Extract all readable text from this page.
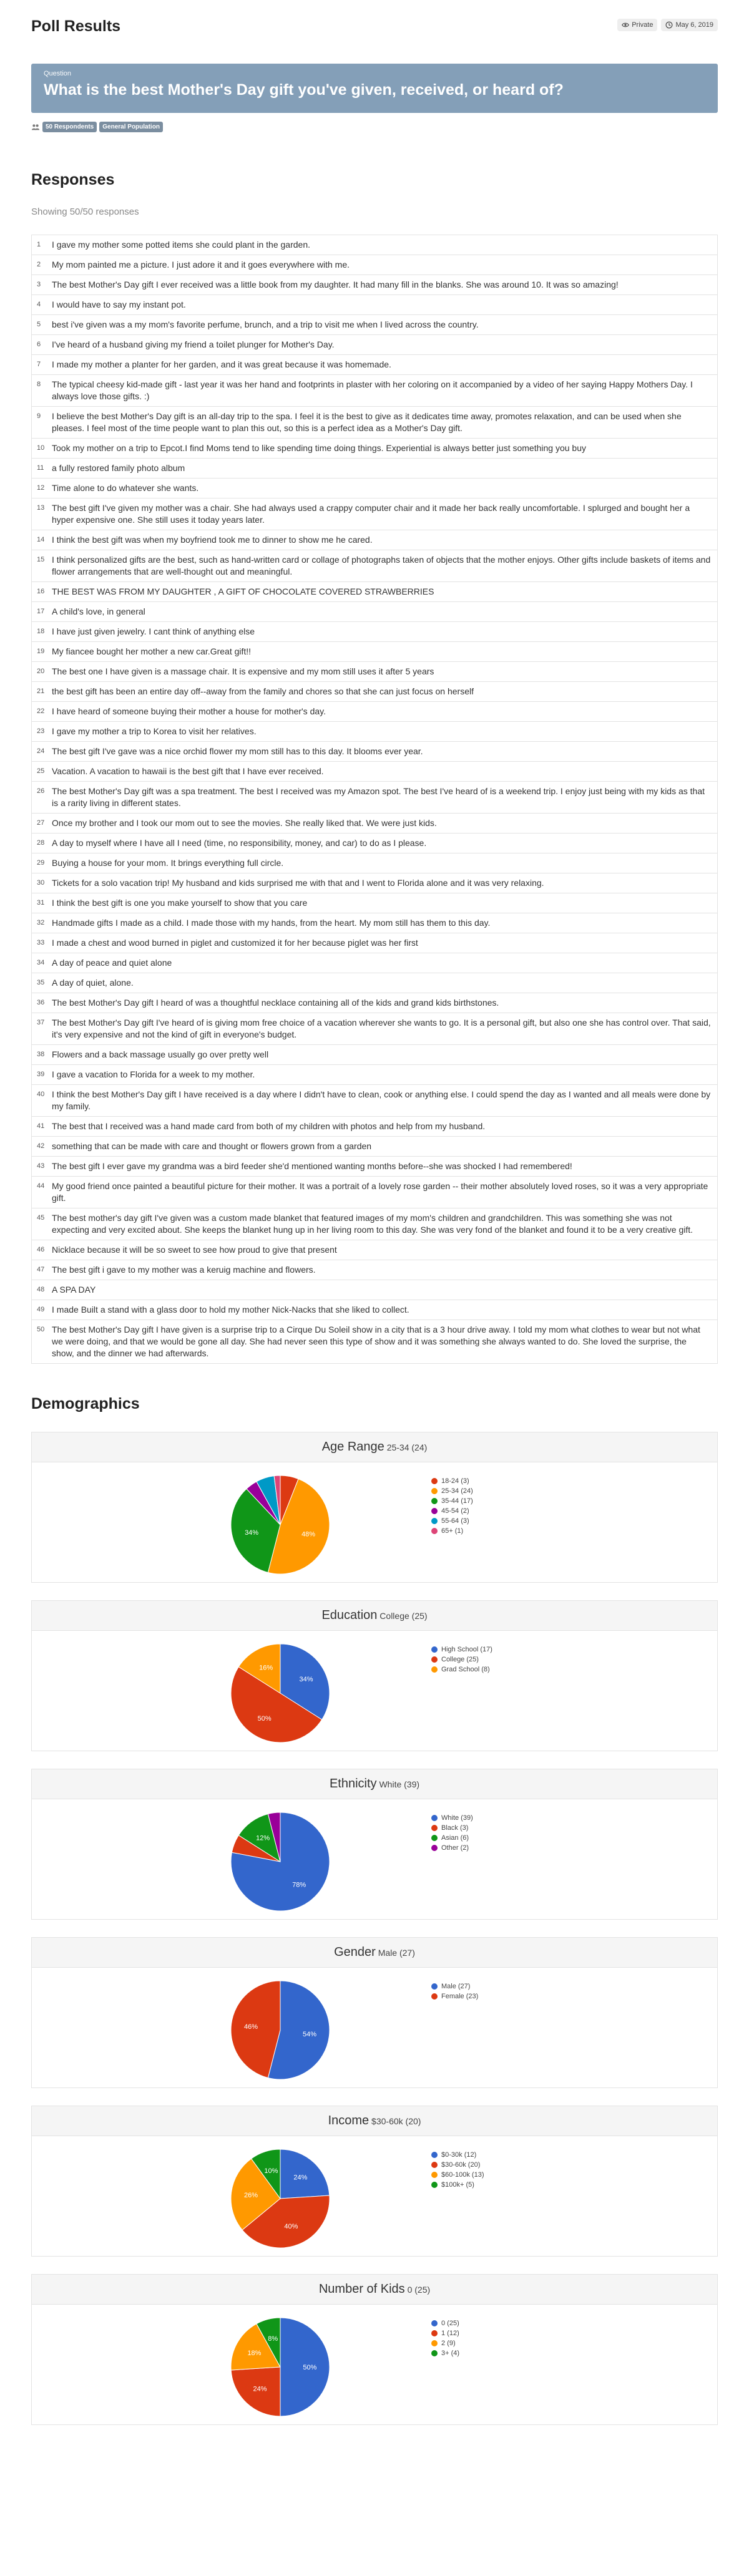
Poll Results	Private	May 6, 2019
Question
What is the best Mother's Day gift you've given, received, or heard of?
50 Respondents	General Population
Responses
Showing 50/50 responses
1	I gave my mother some potted items she could plant in the garden.
2	My mom painted me a picture. I just adore it and it goes everywhere with me.
3	The best Mother's Day gift I ever received was a little book from my daughter. It had many fill in the blanks. She was around 10. It was so amazing!
4	I would have to say my instant pot.
5	best i've given was a my mom's favorite perfume, brunch, and a trip to visit me when I lived across the country.
6	I've heard of a husband giving my friend a toilet plunger for Mother's Day.
7	I made my mother a planter for her garden, and it was great because it was homemade.
8	The typical cheesy kid-made gift - last year it was her hand and footprints in plaster with her coloring on it accompanied by a video of her saying Happy Mothers Day. I always love those gifts. :)
9	I believe the best Mother's Day gift is an all-day trip to the spa. I feel it is the best to give as it dedicates time away, promotes relaxation, and can be used when she pleases. I feel most of the time people want to plan this out, so this is a perfect idea as a Mother's Day gift.
10 Took my mother on a trip to Epcot.I find Moms tend to like spending time doing things. Experiential is always better just something you buy
11 a fully restored family photo album
12 Time alone to do whatever she wants.
13 The best gift I've given my mother was a chair. She had always used a crappy computer chair and it made her back really uncomfortable. I splurged and bought her a hyper expensive one. She still uses it today years later.
14 I think the best gift was when my boyfriend took me to dinner to show me he cared.
15 I think personalized gifts are the best, such as hand-written card or collage of photographs taken of objects that the mother enjoys. Other gifts include baskets of items and flower arrangements that are well-thought out and meaningful.
16 THE BEST WAS FROM MY DAUGHTER , A GIFT OF CHOCOLATE COVERED STRAWBERRIES
17 A child's love, in general
18 I have just given jewelry. I cant think of anything else
19 My fiancee bought her mother a new car.Great gift!!
20 The best one I have given is a massage chair. It is expensive and my mom still uses it after 5 years
21 the best gift has been an entire day off--away from the family and chores so that she can just focus on herself
22 I have heard of someone buying their mother a house for mother's day.
23 I gave my mother a trip to Korea to visit her relatives.
24 The best gift I've gave was a nice orchid flower my mom still has to this day. It blooms ever year.
25 Vacation. A vacation to hawaii is the best gift that I have ever received.
26 The best Mother's Day gift was a spa treatment. The best I received was my Amazon spot. The best I've heard of is a weekend trip. I enjoy just being with my kids as that is a rarity living in different states.
27 Once my brother and I took our mom out to see the movies. She really liked that. We were just kids.
28 A day to myself where I have all I need (time, no responsibility, money, and car) to do as I please.
29 Buying a house for your mom. It brings everything full circle.
30 Tickets for a solo vacation trip! My husband and kids surprised me with that and I went to Florida alone and it was very relaxing.
31 I think the best gift is one you make yourself to show that you care
32 Handmade gifts I made as a child. I made those with my hands, from the heart. My mom still has them to this day.
33 I made a chest and wood burned in piglet and customized it for her because piglet was her first
34 A day of peace and quiet alone
35 A day of quiet, alone.
36 The best Mother's Day gift I heard of was a thoughtful necklace containing all of the kids and grand kids birthstones.
37 The best Mother's Day gift I've heard of is giving mom free choice of a vacation wherever she wants to go. It is a personal gift, but also one she has control over. That said, it's very expensive and not the kind of gift in everyone's budget.
38 Flowers and a back massage usually go over pretty well
39 I gave a vacation to Florida for a week to my mother.
40 I think the best Mother's Day gift I have received is a day where I didn't have to clean, cook or anything else. I could spend the day as I wanted and all meals were done by my family.
41 The best that I received was a hand made card from both of my children with photos and help from my husband.
42 something that can be made with care and thought or flowers grown from a garden
43 The best gift I ever gave my grandma was a bird feeder she'd mentioned wanting months before--she was shocked I had remembered!
44 My good friend once painted a beautiful picture for their mother. It was a portrait of a lovely rose garden -- their mother absolutely loved roses, so it was a very appropriate gift.
45 The best mother's day gift I've given was a custom made blanket that featured images of my mom's children and grandchildren. This was something she was not expecting and very excited about. She keeps the blanket hung up in her living room to this day. She was very fond of the blanket and found it to be a very creative gift.
46 Nicklace because it will be so sweet to see how proud to give that present
47 The best gift i gave to my mother was a keruig machine and flowers.
48 A SPA DAY
49 I made Built a stand with a glass door to hold my mother Nick-Nacks that she liked to collect.
50 The best Mother's Day gift I have given is a surprise trip to a Cirque Du Soleil show in a city that is a 3 hour drive away. I told my mom what clothes to wear but not what we were doing, and that we would be gone all day. She had never seen this type of show and it was something she always wanted to do. She loved the surprise, the show, and the dinner we had afterwards.
Demographics
Age Range 25-34 (24)
48%
34%
18-24 (3)
25-34 (24)
35-44 (17)
45-54 (2)
55-64 (3)
65+ (1)
Education College (25)
34%
50%
16%
High School (17)
College (25)
Grad School (8)
Ethnicity White (39)
78%
12%
White (39)
Black (3)
Asian (6)
Other (2)
Gender Male (27)
54%
46%
Male (27)
Female (23)
Income $30-60k (20)
24%
40%
26%
10%
$0-30k (12)
$30-60k (20)
$60-100k (13)
$100k+ (5)
Number of Kids 0 (25)
50%
24%
18%
8%
0 (25)
1 (12)
2 (9)
3+ (4)
